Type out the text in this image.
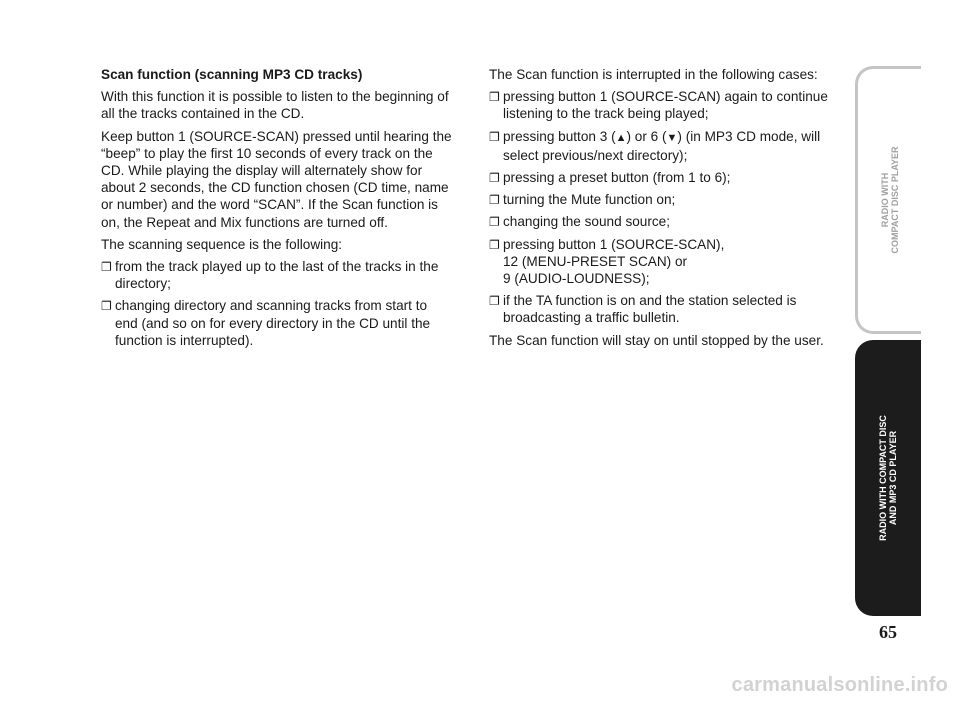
Scan function (scanning MP3 CD tracks)

With this function it is possible to listen to the beginning of all the tracks contained in the CD.

Keep button 1 (SOURCE-SCAN) pressed until hearing the “beep” to play the first 10 seconds of every track on the CD. While playing the display will alternately show for about 2 seconds, the CD function chosen (CD time, name or number) and the word “SCAN”. If the Scan function is on, the Repeat and Mix functions are turned off.

The scanning sequence is the following:

❐ from the track played up to the last of the tracks in the directory;
❐ changing directory and scanning tracks from start to end (and so on for every directory in the CD until the function is interrupted).

The Scan function is interrupted in the following cases:

❐ pressing button 1 (SOURCE-SCAN) again to continue listening to the track being played;
❐ pressing button 3 (▲) or 6 (▼) (in MP3 CD mode, will select previous/next directory);
❐ pressing a preset button (from 1 to 6);
❐ turning the Mute function on;
❐ changing the sound source;
❐ pressing button 1 (SOURCE-SCAN),
12 (MENU-PRESET SCAN) or
9 (AUDIO-LOUDNESS);
❐ if the TA function is on and the station selected is broadcasting a traffic bulletin.

The Scan function will stay on until stopped by the user.

RADIO WITH
COMPACT DISC PLAYER
RADIO WITH COMPACT DISC
AND MP3 CD PLAYER
65
carmanualsonline.info
